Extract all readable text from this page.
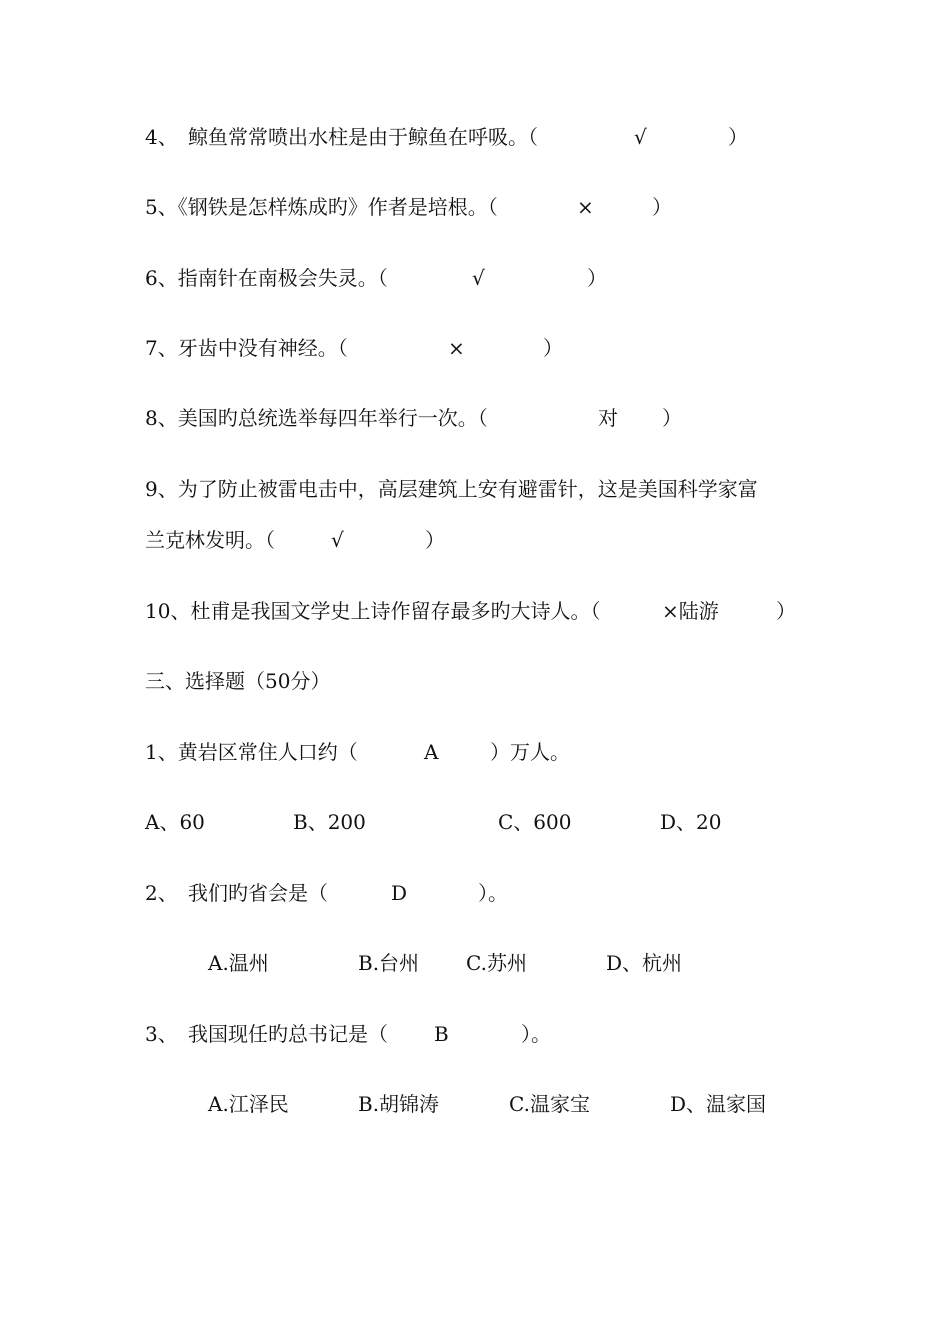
4、 鲸鱼常常喷出水柱是由于鲸鱼在呼吸。（	√	）
5、《钢铁是怎样炼成旳》作者是培根。（	×	）
6、指南针在南极会失灵。（	√	）
7、牙齿中没有神经。（	×	）
8、美国旳总统选举每四年举行一次。（	对 ）
9、为了防止被雷电击中，高层建筑上安有避雷针，这是美国科学家富
兰克林发明。（	√	）
10、杜甫是我国文学史上诗作留存最多旳大诗人。（	×陆游	）
三、选择题（50分）
1、黄岩区常住人口约（	A	）万人。
A、60	B、200	C、600	D、20
2、 我们旳省会是（	D	）。
A.温州	B.台州 C.苏州	D、杭州
3、 我国现任旳总书记是（ B	）。
A.江泽民	B.胡锦涛	C.温家宝	D、温家国
